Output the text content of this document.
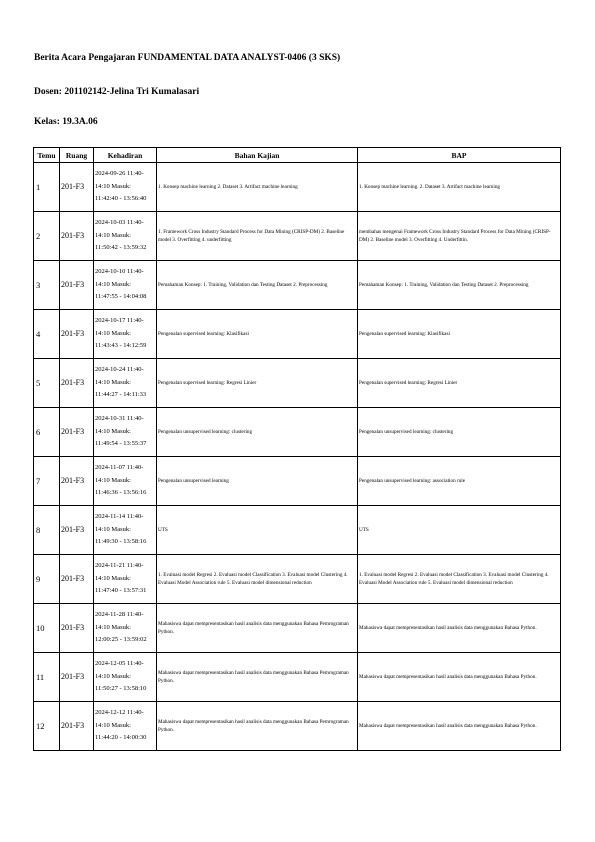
Berita Acara Pengajaran FUNDAMENTAL DATA ANALYST-0406 (3 SKS)
Dosen: 201102142-Jelina Tri Kumalasari
Kelas: 19.3A.06
Temu	Ruang	Kehadiran	Bahan Kajian	BAP
1	201-F3	2024-09-26 11:40-14:10 Masuk: 11:42:40 - 13:56:40	1. Konsep machine learning 2. Dataset 3. Artifact machine learning	1. Konsep machine learning. 2. Dataset 3. Artifact machine learning
2	201-F3	2024-10-03 11:40-14:10 Masuk: 11:50:42 - 13:59:32	1. Framework Cross Industry Standard Process for Data Mining (CRISP-DM) 2. Baseline model 3. Overfitting 4. underfitting	membahas mengenai Framework Cross Industry Standard Process for Data Mining (CRISP-DM) 2. Baseline model 3. Overfitting 4. Underfittin.
3	201-F3	2024-10-10 11:40-14:10 Masuk: 11:47:55 - 14:04:08	Pemahaman Konsep: 1. Training, Validation dan Testing Dataset 2. Preprocessing	Pemahaman Konsep: 1. Training, Validation dan Testing Dataset 2. Preprocessing
4	201-F3	2024-10-17 11:40-14:10 Masuk: 11:43:43 - 14:12:59	Pengenalan supervised learning: Klasifikasi	Pengenalan supervised learning: Klasifikasi
5	201-F3	2024-10-24 11:40-14:10 Masuk: 11:44:27 - 14:11:33	Pengenalan supervised learning: Regresi Linier	Pengenalan supervised learning: Regresi Linier
6	201-F3	2024-10-31 11:40-14:10 Masuk: 11:49:54 - 13:55:37	Pengenalan unsupervised learning: clustering	Pengenalan unsupervised learning: clustering
7	201-F3	2024-11-07 11:40-14:10 Masuk: 11:46:36 - 13:56:16	Pengenalan unsupervised learning	Pengenalan unsupervised learning: association rule
8	201-F3	2024-11-14 11:40-14:10 Masuk: 11:49:30 - 13:58:16	UTS	UTS
9	201-F3	2024-11-21 11:40-14:10 Masuk: 11:47:40 - 13:57:31	1. Evaluasi model Regresi 2. Evaluasi model Classification 3. Evaluasi model Clustering 4. Evaluasi Model Association rule 5. Evaluasi model dimensional reduction	1. Evaluasi model Regresi 2. Evaluasi model Classification 3. Evaluasi model Clustering 4. Evaluasi Model Association rule 5. Evaluasi model dimensional reduction
10	201-F3	2024-11-28 11:40-14:10 Masuk: 12:00:25 - 13:59:02	Mahasiswa dapat mempresentasikan hasil analisis data menggunakan Bahasa Pemrograman Python.	Mahasiswa dapat mempresentasikan hasil analisis data menggunakan Bahasa Python.
11	201-F3	2024-12-05 11:40-14:10 Masuk: 11:50:27 - 13:58:10	Mahasiswa dapat mempresentasikan hasil analisis data menggunakan Bahasa Pemrograman Python.	Mahasiswa dapat mempresentasikan hasil analisis data menggunakan Bahasa Python.
12	201-F3	2024-12-12 11:40-14:10 Masuk: 11:44:20 - 14:00:30	Mahasiswa dapat mempresentasikan hasil analisis data menggunakan Bahasa Pemrograman Python.	Mahasiswa dapat mempresentasikan hasil analisis data menggunakan Bahasa Python.
